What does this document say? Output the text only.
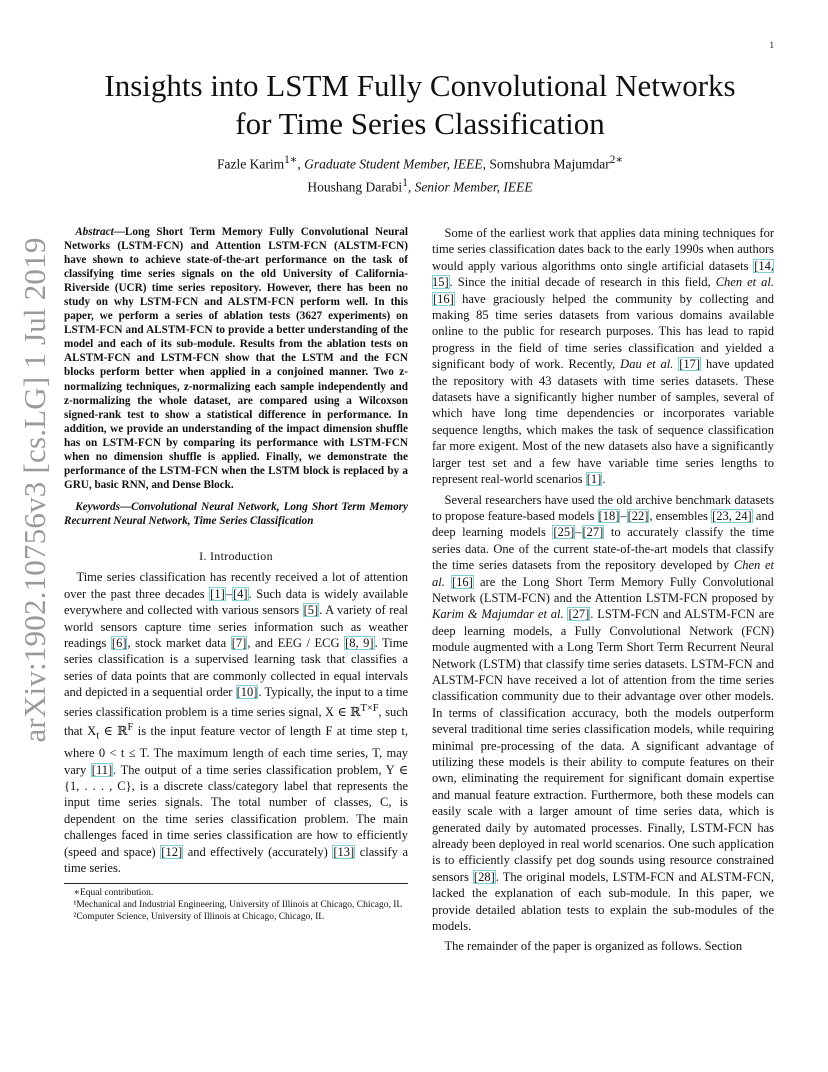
1
arXiv:1902.10756v3 [cs.LG] 1 Jul 2019
Insights into LSTM Fully Convolutional Networks
for Time Series Classification
Fazle Karim$^{1∗}$, Graduate Student Member, IEEE, Somshubra Majumdar$^{2∗}$
Houshang Darabi$^1$, Senior Member, IEEE

Abstract—Long Short Term Memory Fully Convolutional Neural Networks (LSTM-FCN) and Attention LSTM-FCN (ALSTM-FCN) have shown to achieve state-of-the-art performance on the task of classifying time series signals on the old University of California-Riverside (UCR) time series repository. However, there has been no study on why LSTM-FCN and ALSTM-FCN perform well. In this paper, we perform a series of ablation tests (3627 experiments) on LSTM-FCN and ALSTM-FCN to provide a better understanding of the model and each of its sub-module. Results from the ablation tests on ALSTM-FCN and LSTM-FCN show that the LSTM and the FCN blocks perform better when applied in a conjoined manner. Two z-normalizing techniques, z-normalizing each sample independently and z-normalizing the whole dataset, are compared using a Wilcoxson signed-rank test to show a statistical difference in performance. In addition, we provide an understanding of the impact dimension shuffle has on LSTM-FCN by comparing its performance with LSTM-FCN when no dimension shuffle is applied. Finally, we demonstrate the performance of the LSTM-FCN when the LSTM block is replaced by a GRU, basic RNN, and Dense Block.

Keywords—Convolutional Neural Network, Long Short Term Memory Recurrent Neural Network, Time Series Classification

I. Introduction

Time series classification has recently received a lot of attention over the past three decades [1]–[4]. Such data is widely available everywhere and collected with various sensors [5]. A variety of real world sensors capture time series information such as weather readings [6], stock market data [7], and EEG / ECG [8, 9]. Time series classification is a supervised learning task that classifies a series of data points that are commonly collected in equal intervals and depicted in a sequential order [10]. Typically, the input to a time series classification problem is a time series signal, X ∈ ℝ$^{T\times F}$, such that $X_t$ ∈ ℝ$^F$ is the input feature vector of length F at time step t, where 0 < t ≤ T. The maximum length of each time series, T, may vary [11]. The output of a time series classification problem, Y ∈ {1, . . . , C}, is a discrete class/category label that represents the input time series signals. The total number of classes, C, is dependent on the time series classification problem. The main challenges faced in time series classification are how to efficiently (speed and space) [12] and effectively (accurately) [13] classify a time series.

∗Equal contribution.
¹Mechanical and Industrial Engineering, University of Illinois at Chicago, Chicago, IL
²Computer Science, University of Illinois at Chicago, Chicago, IL

Some of the earliest work that applies data mining techniques for time series classification dates back to the early 1990s when authors would apply various algorithms onto single artificial datasets [14, 15]. Since the initial decade of research in this field, Chen et al. [16] have graciously helped the community by collecting and making 85 time series datasets from various domains available online to the public for research purposes. This has lead to rapid progress in the field of time series classification and yielded a significant body of work. Recently, Dau et al. [17] have updated the repository with 43 datasets with time series datasets. These datasets have a significantly higher number of samples, several of which have long time dependencies or incorporates variable sequence lengths, which makes the task of sequence classification far more exigent. Most of the new datasets also have a significantly larger test set and a few have variable time series lengths to represent real-world scenarios [1].

Several researchers have used the old archive benchmark datasets to propose feature-based models [18]–[22], ensembles [23, 24] and deep learning models [25]–[27] to accurately classify the time series data. One of the current state-of-the-art models that classify the time series datasets from the repository developed by Chen et al. [16] are the Long Short Term Memory Fully Convolutional Network (LSTM-FCN) and the Attention LSTM-FCN proposed by Karim & Majumdar et al. [27]. LSTM-FCN and ALSTM-FCN are deep learning models, a Fully Convolutional Network (FCN) module augmented with a Long Term Short Term Recurrent Neural Network (LSTM) that classify time series datasets. LSTM-FCN and ALSTM-FCN have received a lot of attention from the time series classification community due to their advantage over other models. In terms of classification accuracy, both the models outperform several traditional time series classification models, while requiring minimal pre-processing of the data. A significant advantage of utilizing these models is their ability to compute features on their own, eliminating the requirement for significant domain expertise and manual feature extraction. Furthermore, both these models can easily scale with a larger amount of time series data, which is generated daily by automated processes. Finally, LSTM-FCN has already been deployed in real world scenarios. One such application is to efficiently classify pet dog sounds using resource constrained sensors [28]. The original models, LSTM-FCN and ALSTM-FCN, lacked the explanation of each sub-module. In this paper, we provide detailed ablation tests to explain the sub-modules of the models.

The remainder of the paper is organized as follows. Section
